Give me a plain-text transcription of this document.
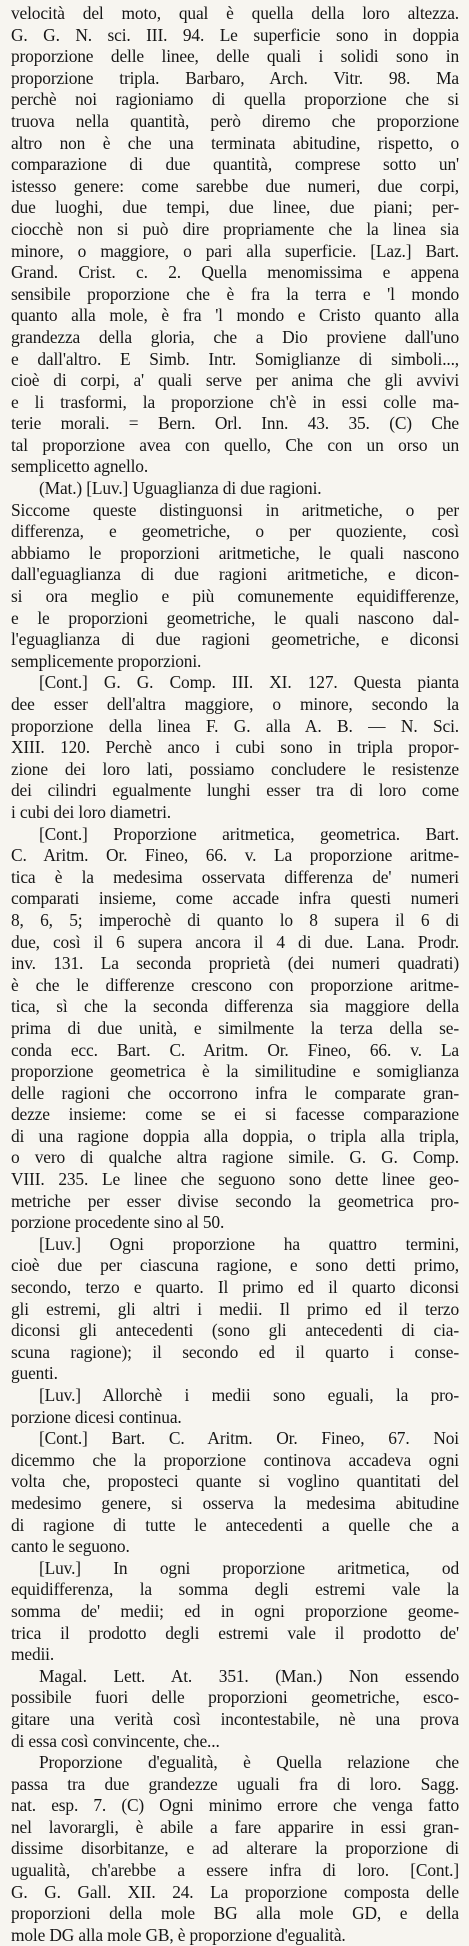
velocità del moto, qual è quella della loro altezza.
G. G. N. sci. III. 94. Le superficie sono in doppia
proporzione delle linee, delle quali i solidi sono in
proporzione tripla. Barbaro, Arch. Vitr. 98. Ma
perchè noi ragioniamo di quella proporzione che si
truova nella quantità, però diremo che proporzione
altro non è che una terminata abitudine, rispetto, o
comparazione di due quantità, comprese sotto un'
istesso genere: come sarebbe due numeri, due corpi,
due luoghi, due tempi, due linee, due piani; per-
ciocchè non si può dire propriamente che la linea sia
minore, o maggiore, o pari alla superficie. [Laz.] Bart.
Grand. Crist. c. 2. Quella menomissima e appena
sensibile proporzione che è fra la terra e 'l mondo
quanto alla mole, è fra 'l mondo e Cristo quanto alla
grandezza della gloria, che a Dio proviene dall'uno
e dall'altro. E Simb. Intr. Somiglianze di simboli...,
cioè di corpi, a' quali serve per anima che gli avvivi
e li trasformi, la proporzione ch'è in essi colle ma-
terie morali. = Bern. Orl. Inn. 43. 35. (C) Che
tal proporzione avea con quello, Che con un orso un
semplicetto agnello.
(Mat.) [Luv.] Uguaglianza di due ragioni.
Siccome queste distinguonsi in aritmetiche, o per
differenza, e geometriche, o per quoziente, così
abbiamo le proporzioni aritmetiche, le quali nascono
dall'eguaglianza di due ragioni aritmetiche, e dicon-
si ora meglio e più comunemente equidifferenze,
e le proporzioni geometriche, le quali nascono dal-
l'eguaglianza di due ragioni geometriche, e diconsi
semplicemente proporzioni.
[Cont.] G. G. Comp. III. XI. 127. Questa pianta
dee esser dell'altra maggiore, o minore, secondo la
proporzione della linea F. G. alla A. B. — N. Sci.
XIII. 120. Perchè anco i cubi sono in tripla propor-
zione dei loro lati, possiamo concludere le resistenze
dei cilindri egualmente lunghi esser tra di loro come
i cubi dei loro diametri.
[Cont.] Proporzione aritmetica, geometrica. Bart.
C. Aritm. Or. Fineo, 66. v. La proporzione aritme-
tica è la medesima osservata differenza de' numeri
comparati insieme, come accade infra questi numeri
8, 6, 5; imperochè di quanto lo 8 supera il 6 di
due, così il 6 supera ancora il 4 di due. Lana. Prodr.
inv. 131. La seconda proprietà (dei numeri quadrati)
è che le differenze crescono con proporzione aritme-
tica, sì che la seconda differenza sia maggiore della
prima di due unità, e similmente la terza della se-
conda ecc. Bart. C. Aritm. Or. Fineo, 66. v. La
proporzione geometrica è la similitudine e somiglianza
delle ragioni che occorrono infra le comparate gran-
dezze insieme: come se ei si facesse comparazione
di una ragione doppia alla doppia, o tripla alla tripla,
o vero di qualche altra ragione simile. G. G. Comp.
VIII. 235. Le linee che seguono sono dette linee geo-
metriche per esser divise secondo la geometrica pro-
porzione procedente sino al 50.
[Luv.] Ogni proporzione ha quattro termini,
cioè due per ciascuna ragione, e sono detti primo,
secondo, terzo e quarto. Il primo ed il quarto diconsi
gli estremi, gli altri i medii. Il primo ed il terzo
diconsi gli antecedenti (sono gli antecedenti di cia-
scuna ragione); il secondo ed il quarto i conse-
guenti.
[Luv.] Allorchè i medii sono eguali, la pro-
porzione dicesi continua.
[Cont.] Bart. C. Aritm. Or. Fineo, 67. Noi
dicemmo che la proporzione continova accadeva ogni
volta che, proposteci quante si voglino quantitati del
medesimo genere, si osserva la medesima abitudine
di ragione di tutte le antecedenti a quelle che a
canto le seguono.
[Luv.] In ogni proporzione aritmetica, od
equidifferenza, la somma degli estremi vale la
somma de' medii; ed in ogni proporzione geome-
trica il prodotto degli estremi vale il prodotto de'
medii.
Magal. Lett. At. 351. (Man.) Non essendo
possibile fuori delle proporzioni geometriche, esco-
gitare una verità così incontestabile, nè una prova
di essa così convincente, che...
Proporzione d'egualità, è Quella relazione che
passa tra due grandezze uguali fra di loro. Sagg.
nat. esp. 7. (C) Ogni minimo errore che venga fatto
nel lavorargli, è abile a fare apparire in essi gran-
dissime disorbitanze, e ad alterare la proporzione di
ugualità, ch'arebbe a essere infra di loro. [Cont.]
G. G. Gall. XII. 24. La proporzione composta delle
proporzioni della mole BG alla mole GD, e della
mole DG alla mole GB, è proporzione d'egualità.
